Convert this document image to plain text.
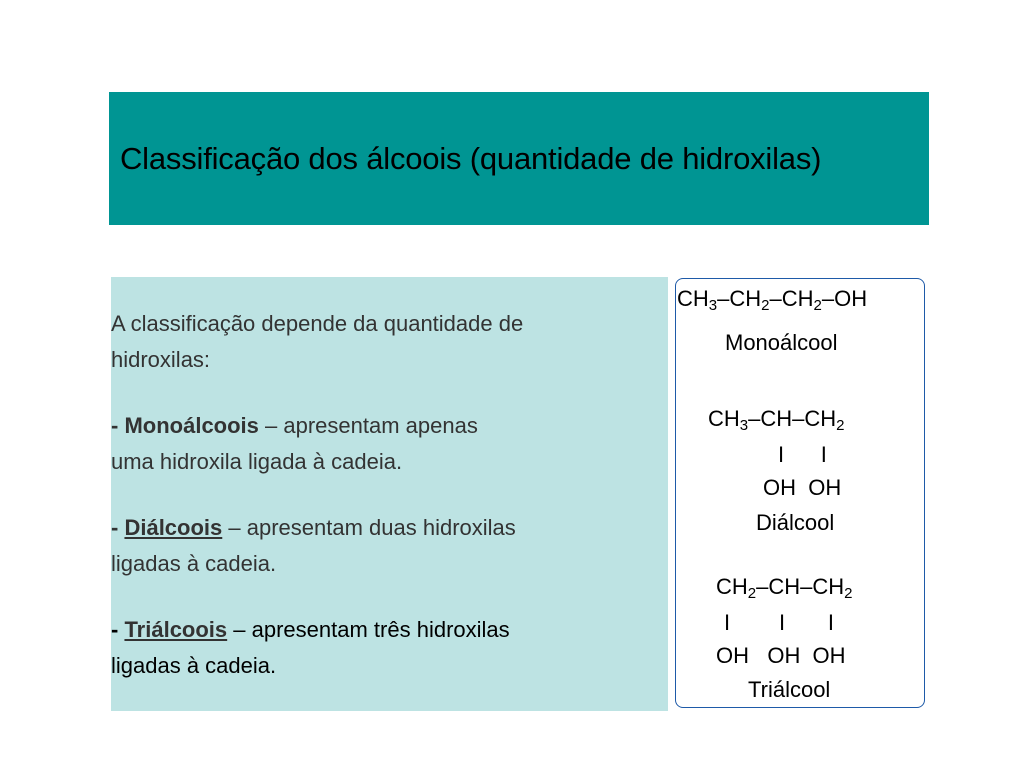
Classificação dos álcoois (quantidade de hidroxilas)
A classificação depende da quantidade de
hidroxilas:
- Monoálcoois – apresentam apenas
uma hidroxila ligada à cadeia.
- Diálcoois – apresentam duas hidroxilas
ligadas à cadeia.
- Triálcoois – apresentam três hidroxilas
ligadas à cadeia.
$CH_3-CH_2-CH_2-OH$
Monoálcool
$CH_3-CH-CH_2$
I      I
OH  OH
Diálcool
$CH_2-CH-CH_2$
I        I       I
OH   OH  OH
Triálcool
